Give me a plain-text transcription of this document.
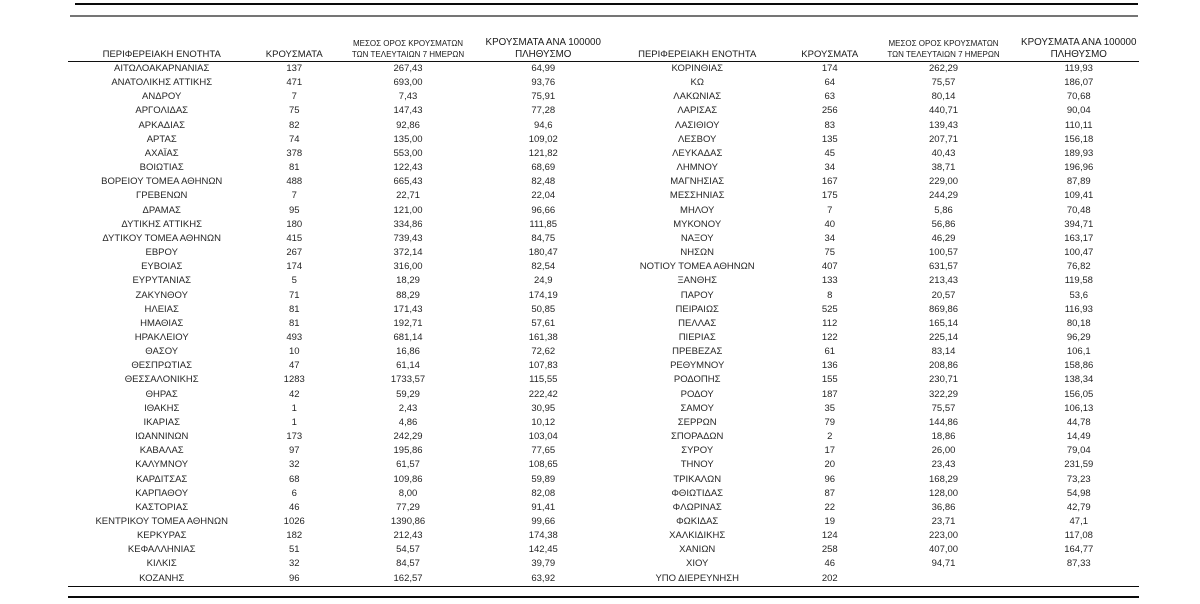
ΠΕΡΙΦΕΡΕΙΑΚΗ ΕΝΟΤΗΤΑ	ΚΡΟΥΣΜΑΤΑ	ΜΕΣΟΣ ΟΡΟΣ ΚΡΟΥΣΜΑΤΩΝ
ΤΩΝ ΤΕΛΕΥΤΑΙΩΝ 7 ΗΜΕΡΩΝ	ΚΡΟΥΣΜΑΤΑ ΑΝΑ 100000
ΠΛΗΘΥΣΜΟ
ΑΙΤΩΛΟΑΚΑΡΝΑΝΙΑΣ	137	267,43	64,99
ΑΝΑΤΟΛΙΚΗΣ ΑΤΤΙΚΗΣ	471	693,00	93,76
ΑΝΔΡΟΥ	7	7,43	75,91
ΑΡΓΟΛΙΔΑΣ	75	147,43	77,28
ΑΡΚΑΔΙΑΣ	82	92,86	94,6
ΑΡΤΑΣ	74	135,00	109,02
ΑΧΑΪΑΣ	378	553,00	121,82
ΒΟΙΩΤΙΑΣ	81	122,43	68,69
ΒΟΡΕΙΟΥ ΤΟΜΕΑ ΑΘΗΝΩΝ	488	665,43	82,48
ΓΡΕΒΕΝΩΝ	7	22,71	22,04
ΔΡΑΜΑΣ	95	121,00	96,66
ΔΥΤΙΚΗΣ ΑΤΤΙΚΗΣ	180	334,86	111,85
ΔΥΤΙΚΟΥ ΤΟΜΕΑ ΑΘΗΝΩΝ	415	739,43	84,75
ΕΒΡΟΥ	267	372,14	180,47
ΕΥΒΟΙΑΣ	174	316,00	82,54
ΕΥΡΥΤΑΝΙΑΣ	5	18,29	24,9
ΖΑΚΥΝΘΟΥ	71	88,29	174,19
ΗΛΕΙΑΣ	81	171,43	50,85
ΗΜΑΘΙΑΣ	81	192,71	57,61
ΗΡΑΚΛΕΙΟΥ	493	681,14	161,38
ΘΑΣΟΥ	10	16,86	72,62
ΘΕΣΠΡΩΤΙΑΣ	47	61,14	107,83
ΘΕΣΣΑΛΟΝΙΚΗΣ	1283	1733,57	115,55
ΘΗΡΑΣ	42	59,29	222,42
ΙΘΑΚΗΣ	1	2,43	30,95
ΙΚΑΡΙΑΣ	1	4,86	10,12
ΙΩΑΝΝΙΝΩΝ	173	242,29	103,04
ΚΑΒΑΛΑΣ	97	195,86	77,65
ΚΑΛΥΜΝΟΥ	32	61,57	108,65
ΚΑΡΔΙΤΣΑΣ	68	109,86	59,89
ΚΑΡΠΑΘΟΥ	6	8,00	82,08
ΚΑΣΤΟΡΙΑΣ	46	77,29	91,41
ΚΕΝΤΡΙΚΟΥ ΤΟΜΕΑ ΑΘΗΝΩΝ	1026	1390,86	99,66
ΚΕΡΚΥΡΑΣ	182	212,43	174,38
ΚΕΦΑΛΛΗΝΙΑΣ	51	54,57	142,45
ΚΙΛΚΙΣ	32	84,57	39,79
ΚΟΖΑΝΗΣ	96	162,57	63,92
ΠΕΡΙΦΕΡΕΙΑΚΗ ΕΝΟΤΗΤΑ	ΚΡΟΥΣΜΑΤΑ	ΜΕΣΟΣ ΟΡΟΣ ΚΡΟΥΣΜΑΤΩΝ
ΤΩΝ ΤΕΛΕΥΤΑΙΩΝ 7 ΗΜΕΡΩΝ	ΚΡΟΥΣΜΑΤΑ ΑΝΑ 100000
ΠΛΗΘΥΣΜΟ
ΚΟΡΙΝΘΙΑΣ	174	262,29	119,93
ΚΩ	64	75,57	186,07
ΛΑΚΩΝΙΑΣ	63	80,14	70,68
ΛΑΡΙΣΑΣ	256	440,71	90,04
ΛΑΣΙΘΙΟΥ	83	139,43	110,11
ΛΕΣΒΟΥ	135	207,71	156,18
ΛΕΥΚΑΔΑΣ	45	40,43	189,93
ΛΗΜΝΟΥ	34	38,71	196,96
ΜΑΓΝΗΣΙΑΣ	167	229,00	87,89
ΜΕΣΣΗΝΙΑΣ	175	244,29	109,41
ΜΗΛΟΥ	7	5,86	70,48
ΜΥΚΟΝΟΥ	40	56,86	394,71
ΝΑΞΟΥ	34	46,29	163,17
ΝΗΣΩΝ	75	100,57	100,47
ΝΟΤΙΟΥ ΤΟΜΕΑ ΑΘΗΝΩΝ	407	631,57	76,82
ΞΑΝΘΗΣ	133	213,43	119,58
ΠΑΡΟΥ	8	20,57	53,6
ΠΕΙΡΑΙΩΣ	525	869,86	116,93
ΠΕΛΛΑΣ	112	165,14	80,18
ΠΙΕΡΙΑΣ	122	225,14	96,29
ΠΡΕΒΕΖΑΣ	61	83,14	106,1
ΡΕΘΥΜΝΟΥ	136	208,86	158,86
ΡΟΔΟΠΗΣ	155	230,71	138,34
ΡΟΔΟΥ	187	322,29	156,05
ΣΑΜΟΥ	35	75,57	106,13
ΣΕΡΡΩΝ	79	144,86	44,78
ΣΠΟΡΑΔΩΝ	2	18,86	14,49
ΣΥΡΟΥ	17	26,00	79,04
ΤΗΝΟΥ	20	23,43	231,59
ΤΡΙΚΑΛΩΝ	96	168,29	73,23
ΦΘΙΩΤΙΔΑΣ	87	128,00	54,98
ΦΛΩΡΙΝΑΣ	22	36,86	42,79
ΦΩΚΙΔΑΣ	19	23,71	47,1
ΧΑΛΚΙΔΙΚΗΣ	124	223,00	117,08
ΧΑΝΙΩΝ	258	407,00	164,77
ΧΙΟΥ	46	94,71	87,33
ΥΠΟ ΔΙΕΡΕΥΝΗΣΗ	202		
